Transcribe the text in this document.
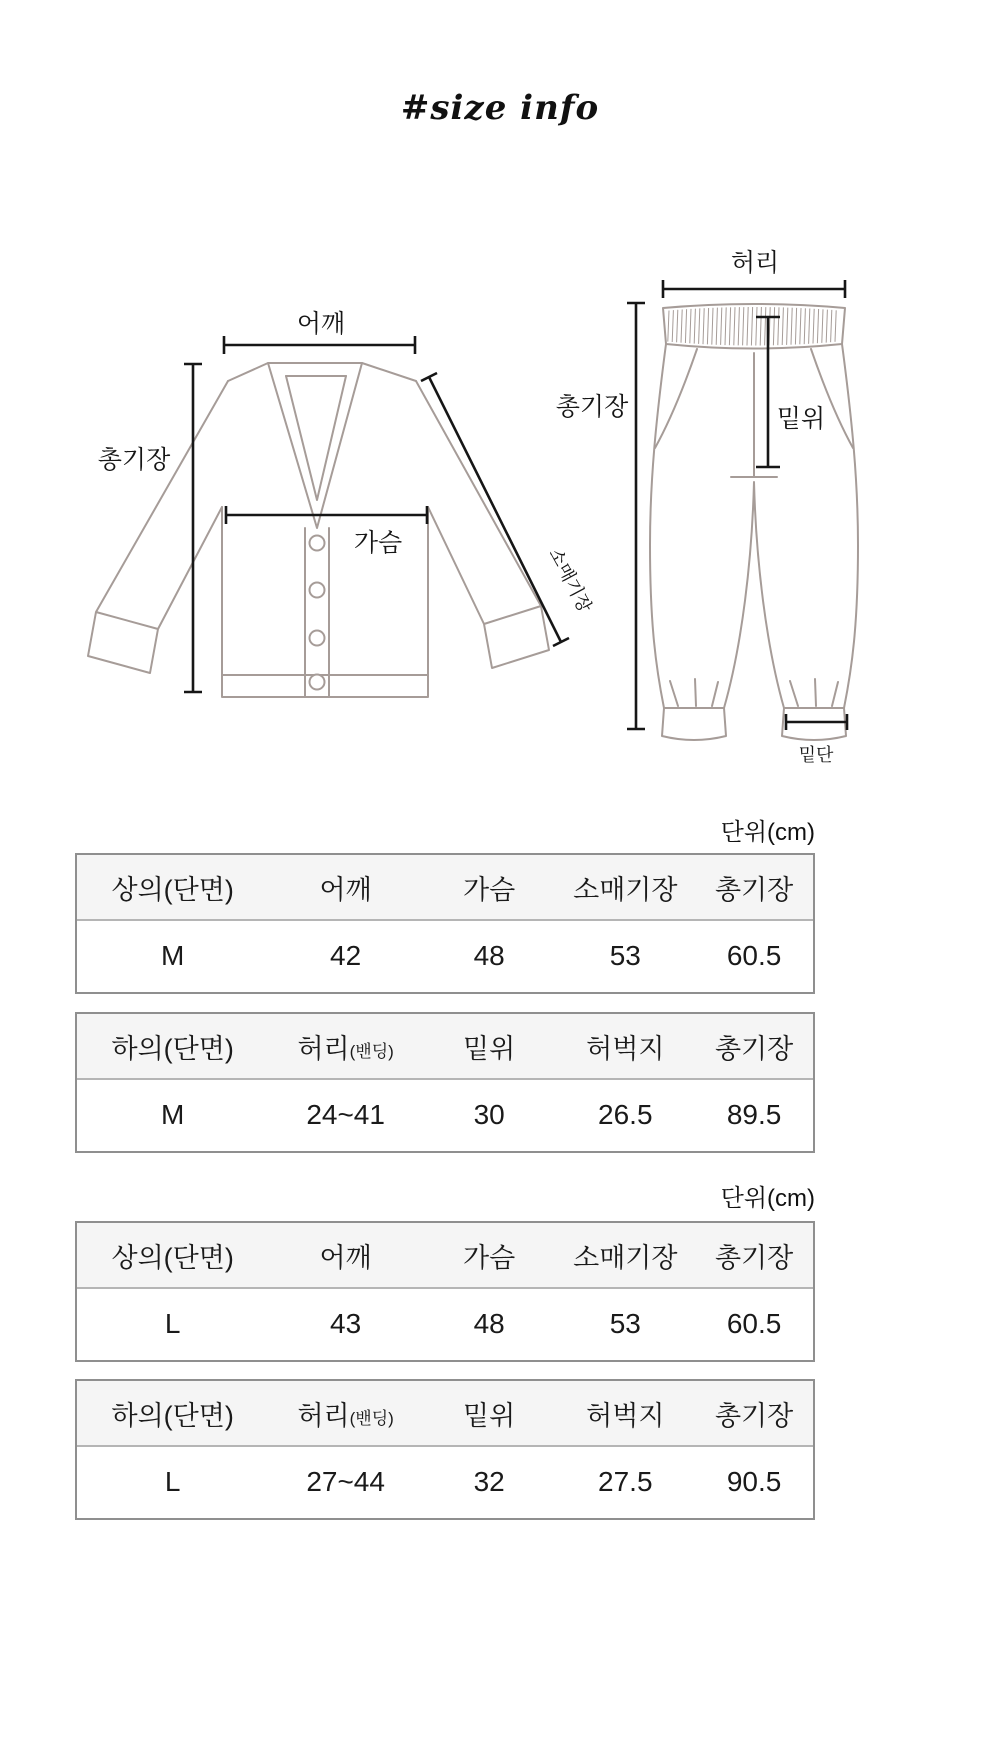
#size info
어깨
총기장
가슴
소매기장
허리
총기장	밑위
밑단
단위(cm)
단위(cm)
상의(단면)	어깨	가슴	소매기장	총기장
M	42	48	53	60.5
하의(단면)	허리 (밴딩)	밑위	허벅지	총기장
M	24~41	30	26.5	89.5
상의(단면)	어깨	가슴	소매기장	총기장
L	43	48	53	60.5
하의(단면)	허리 (밴딩)	밑위	허벅지	총기장
L	27~44	32	27.5	90.5
